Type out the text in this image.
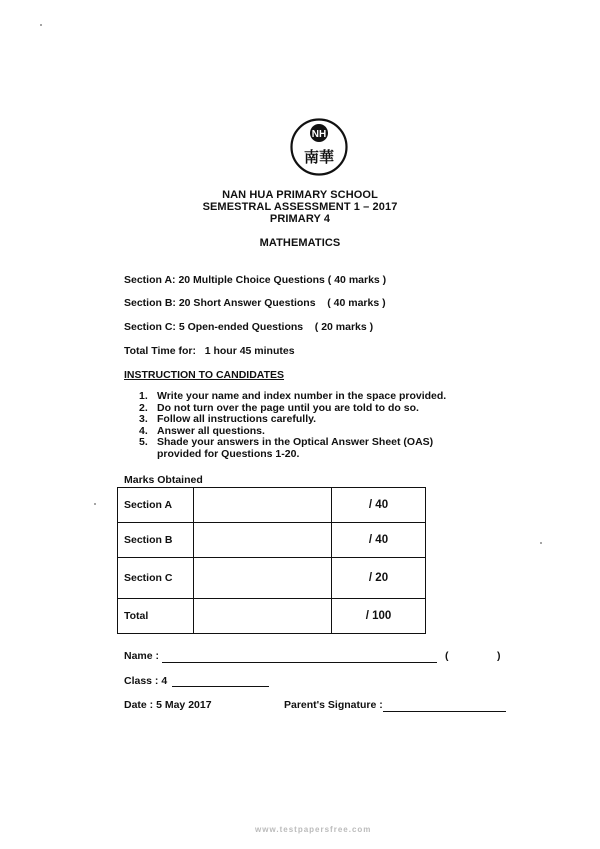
NH
南華
NAN HUA PRIMARY SCHOOL
SEMESTRAL ASSESSMENT 1 – 2017
PRIMARY 4
MATHEMATICS
Section A: 20 Multiple Choice Questions ( 40 marks )
Section B: 20 Short Answer Questions    ( 40 marks )
Section C: 5 Open-ended Questions    ( 20 marks )
Total Time for:   1 hour 45 minutes
INSTRUCTION TO CANDIDATES
1. Write your name and index number in the space provided.
2. Do not turn over the page until you are told to do so.
3. Follow all instructions carefully.
4. Answer all questions.
5. Shade your answers in the Optical Answer Sheet (OAS) provided for Questions 1-20.
Marks Obtained
Section A		/ 40
Section B		/ 40
Section C		/ 20
Total		/ 100
Name :	(	)
Class : 4
Date : 5 May 2017	Parent's Signature :
www.testpapersfree.com
